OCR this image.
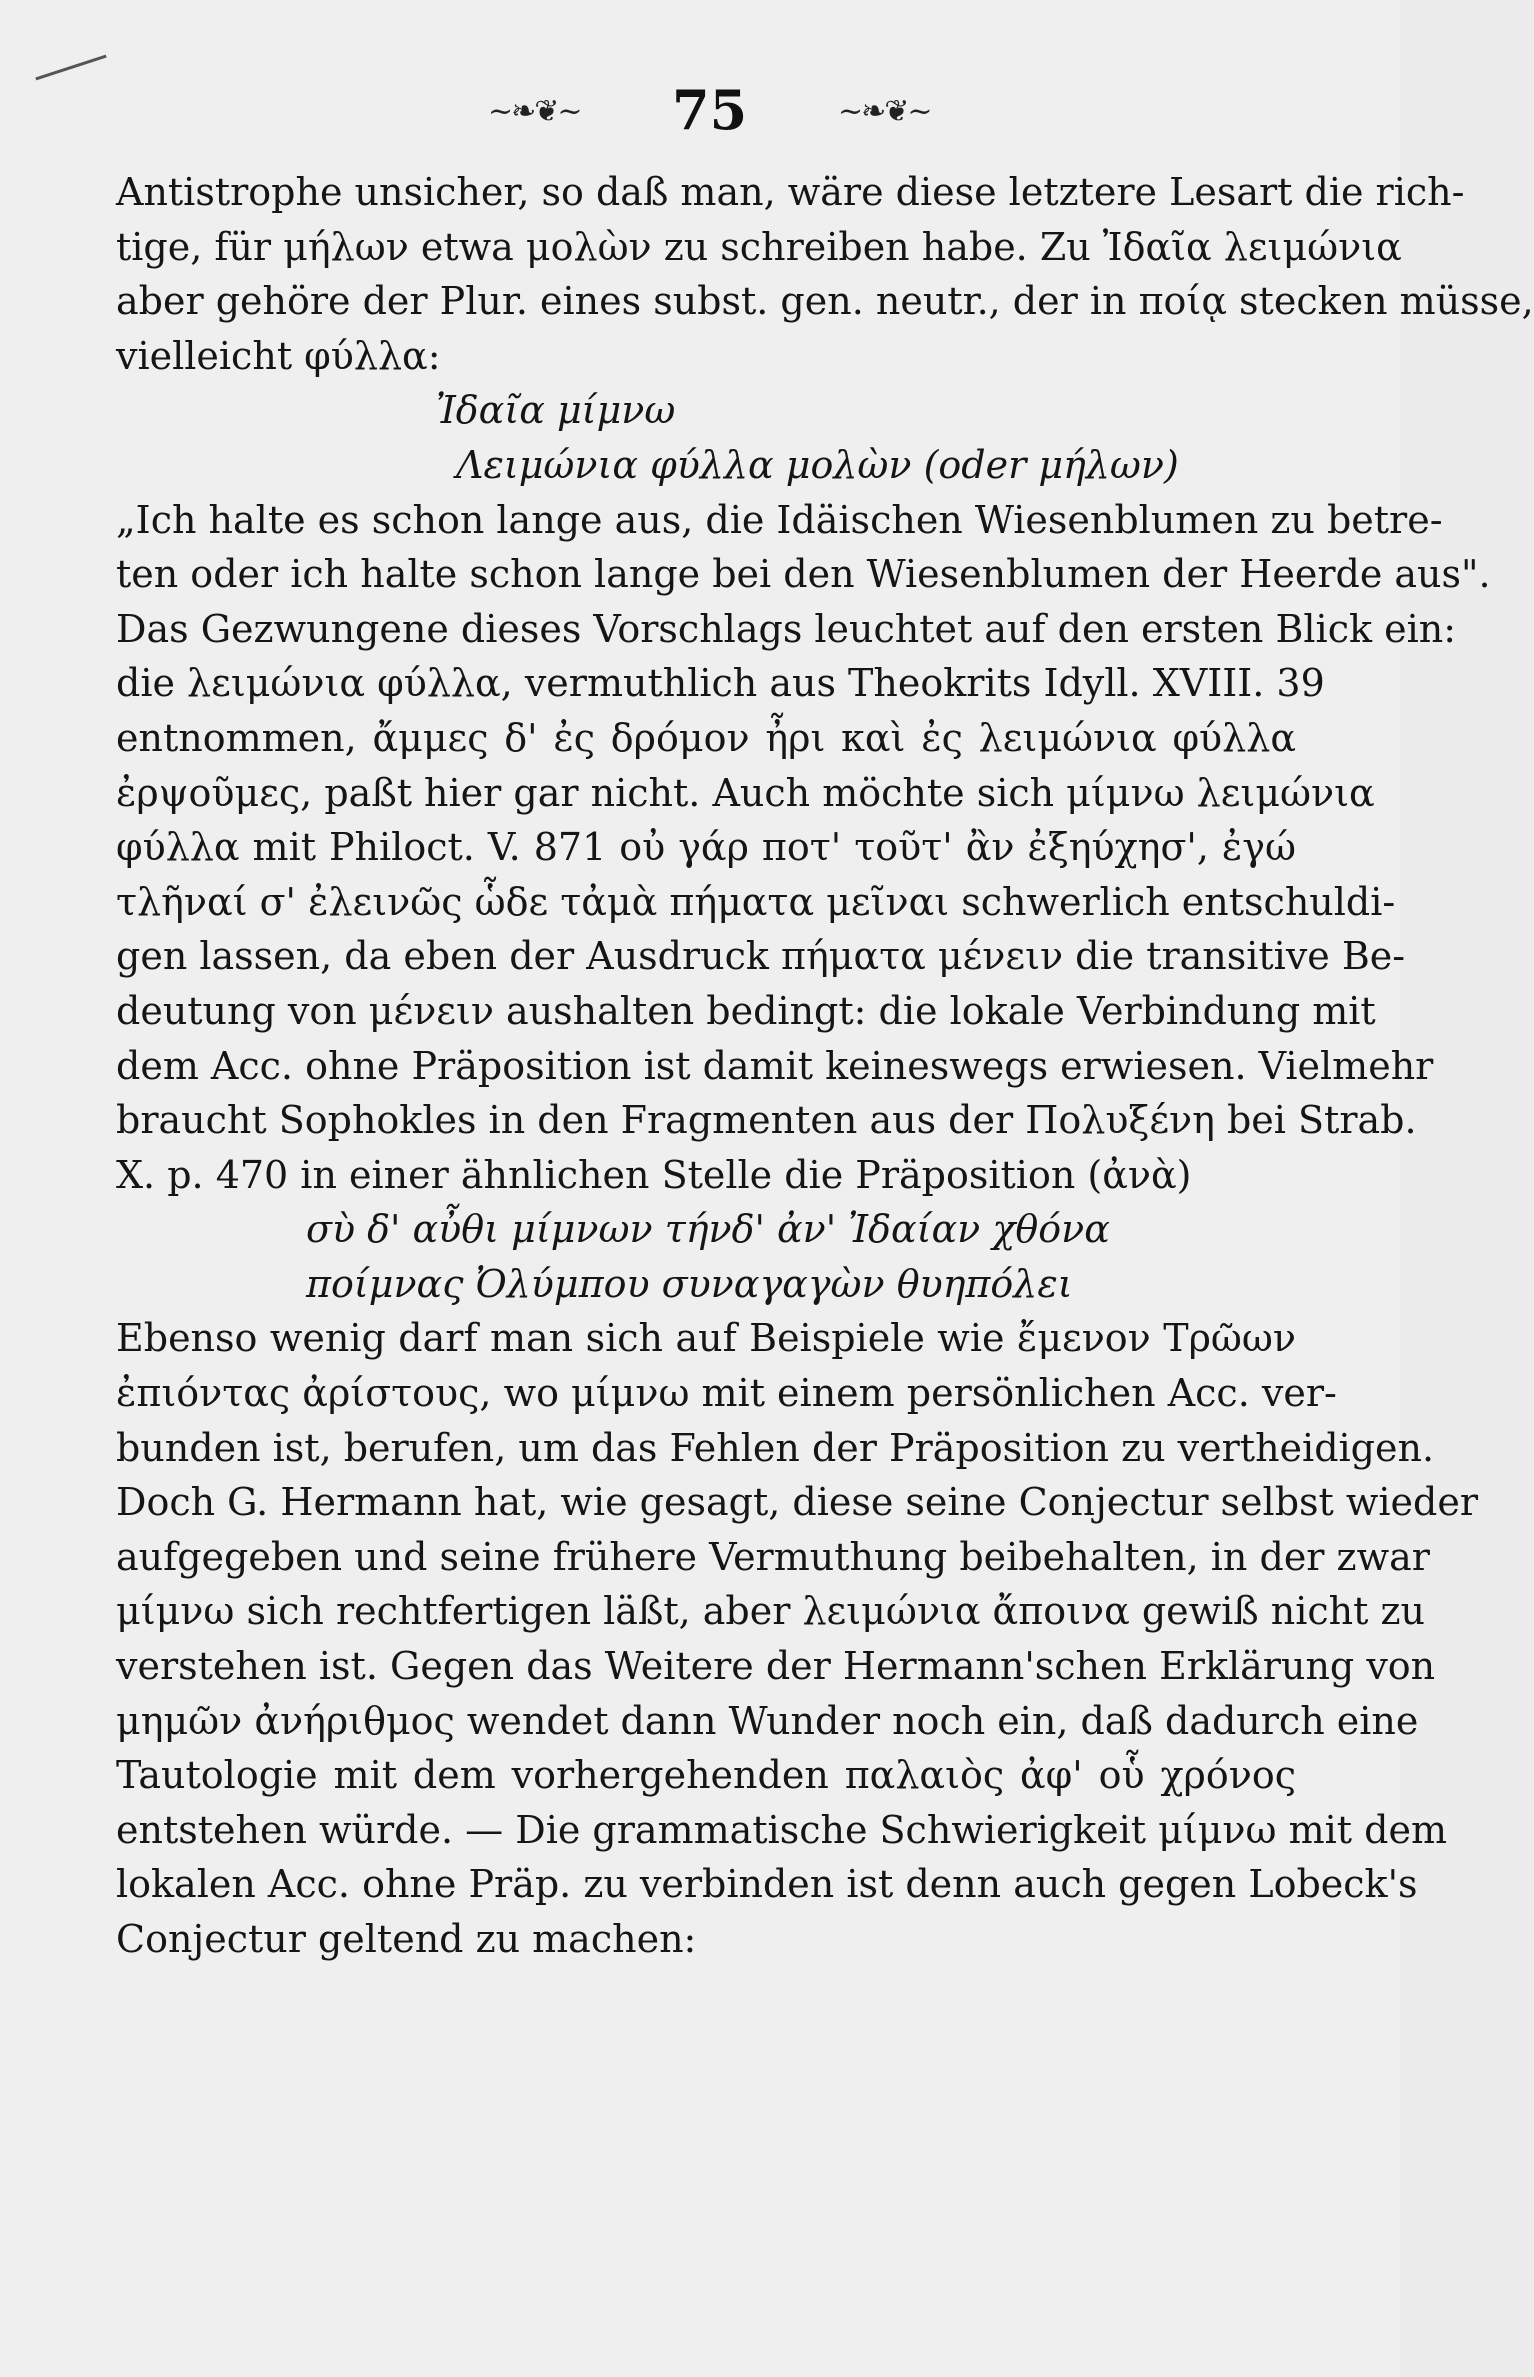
~❧❦~ 75	~❧❦~
Antistrophe unsicher, so daß man, wäre diese letztere Lesart die rich-
tige, für μήλων etwa μολὼν zu schreiben habe. Zu Ἰδαῖα λειμώνια
aber gehöre der Plur. eines subst. gen. neutr., der in ποίᾳ stecken müsse,
vielleicht φύλλα:
Ἰδαῖα μίμνω
Λειμώνια φύλλα μολὼν (oder μήλων)
„Ich halte es schon lange aus, die Idäischen Wiesenblumen zu betre-
ten oder ich halte schon lange bei den Wiesenblumen der Heerde aus".
Das Gezwungene dieses Vorschlags leuchtet auf den ersten Blick ein:
die λειμώνια φύλλα, vermuthlich aus Theokrits Idyll. XVIII. 39
entnommen, ἄμμες δ' ἐς δρόμον ἦρι καὶ ἐς λειμώνια φύλλα
ἐρψοῦμες, paßt hier gar nicht. Auch möchte sich μίμνω λειμώνια
φύλλα mit Philoct. V. 871 οὐ γάρ ποτ' τοῦτ' ἂν ἐξηύχησ', ἐγώ
τλῆναί σ' ἐλεινῶς ὧδε τἀμὰ πήματα μεῖναι schwerlich entschuldi-
gen lassen, da eben der Ausdruck πήματα μένειν die transitive Be-
deutung von μένειν aushalten bedingt: die lokale Verbindung mit
dem Acc. ohne Präposition ist damit keineswegs erwiesen. Vielmehr
braucht Sophokles in den Fragmenten aus der Πολυξένη bei Strab.
X. p. 470 in einer ähnlichen Stelle die Präposition (ἀνὰ)
σὺ δ' αὖθι μίμνων τήνδ' ἀν' Ἰδαίαν χθόνα
ποίμνας Ὀλύμπου συναγαγὼν θυηπόλει
Ebenso wenig darf man sich auf Beispiele wie ἔμενον Τρῶων
ἐπιόντας ἀρίστους, wo μίμνω mit einem persönlichen Acc. ver-
bunden ist, berufen, um das Fehlen der Präposition zu vertheidigen.
Doch G. Hermann hat, wie gesagt, diese seine Conjectur selbst wieder
aufgegeben und seine frühere Vermuthung beibehalten, in der zwar
μίμνω sich rechtfertigen läßt, aber λειμώνια ἄποινα gewiß nicht zu
verstehen ist. Gegen das Weitere der Hermann'schen Erklärung von
μημῶν ἀνήριθμος wendet dann Wunder noch ein, daß dadurch eine
Tautologie mit dem vorhergehenden παλαιὸς ἀφ' οὗ χρόνος
entstehen würde. — Die grammatische Schwierigkeit μίμνω mit dem
lokalen Acc. ohne Präp. zu verbinden ist denn auch gegen Lobeck's
Conjectur geltend zu machen:
